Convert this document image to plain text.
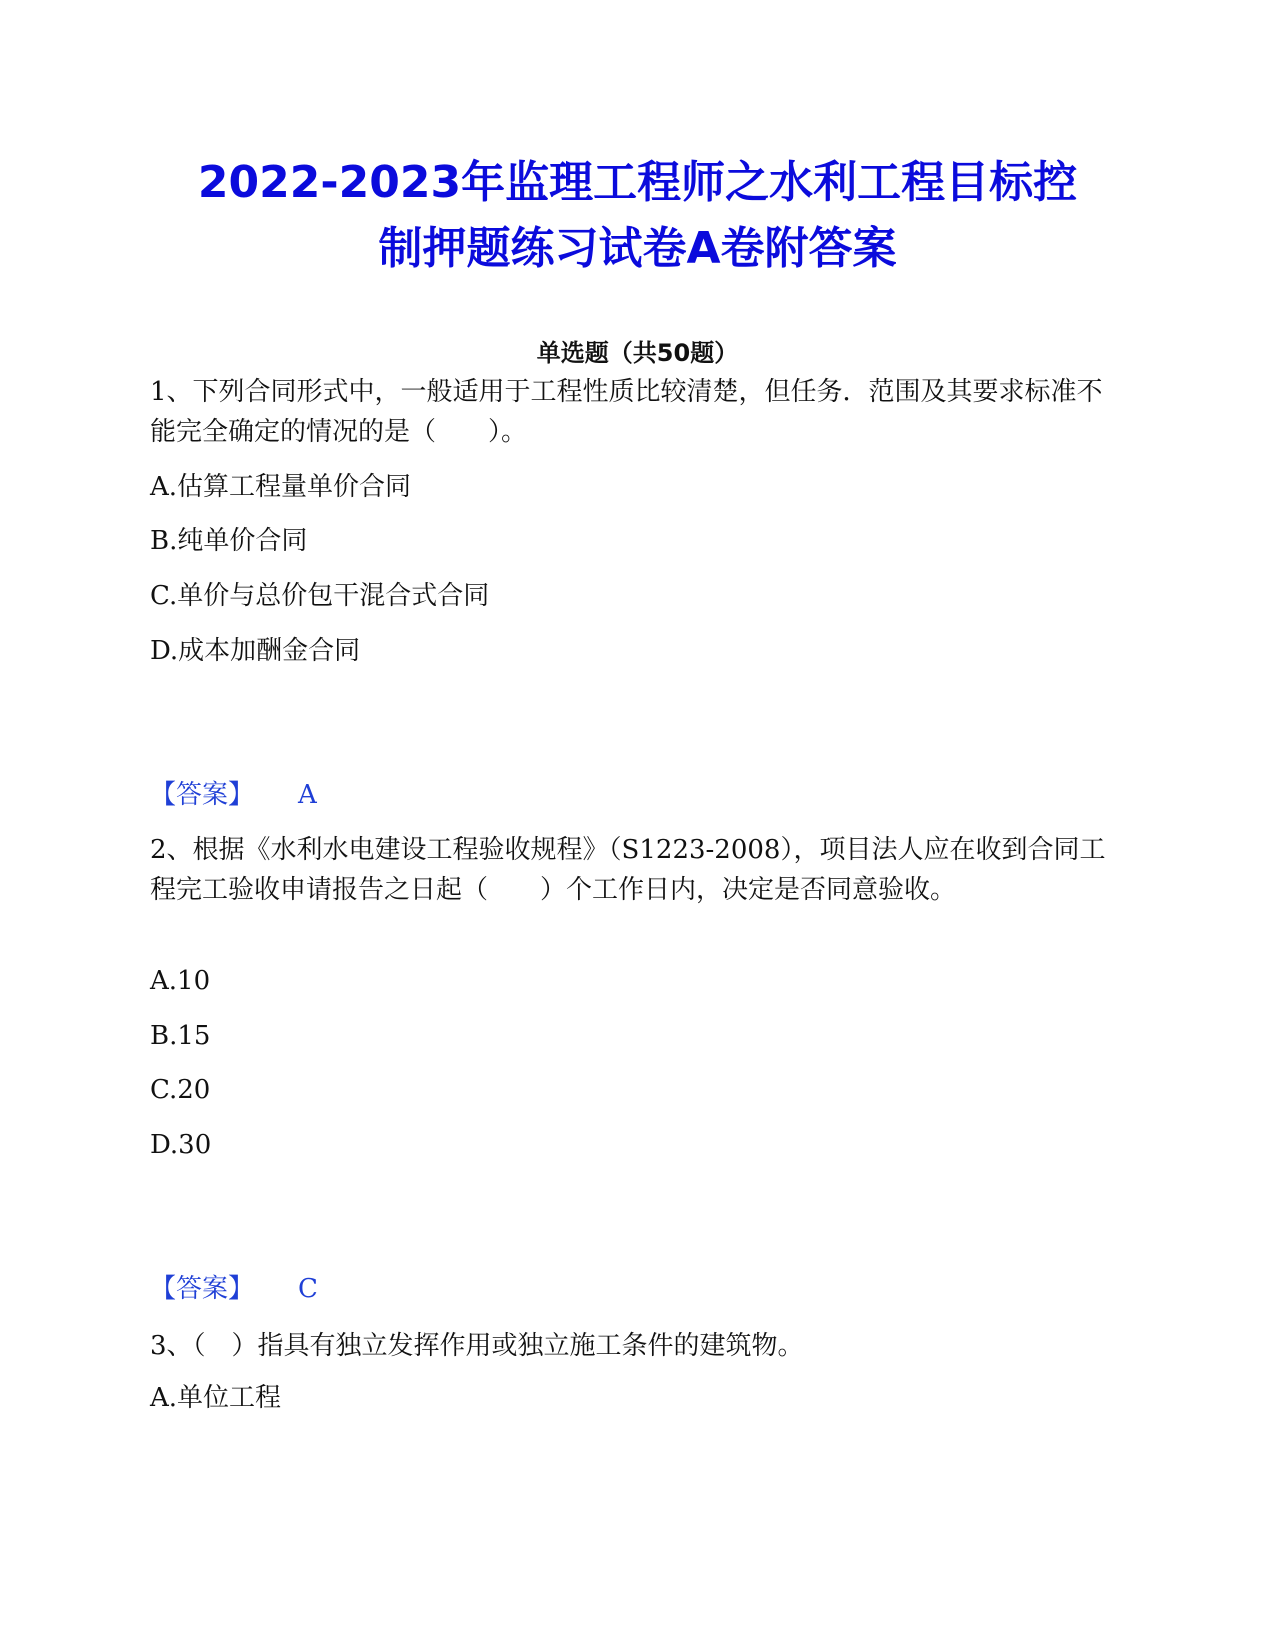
2022-2023年监理工程师之水利工程目标控
制押题练习试卷A卷附答案
单选题（共50题）

1、下列合同形式中，一般适用于工程性质比较清楚，但任务．范围及其要求标准不能完全确定的情况的是（　　）。

A.估算工程量单价合同

B.纯单价合同

C.单价与总价包干混合式合同

D.成本加酬金合同

【答案】 A

2、根据《水利水电建设工程验收规程》（S1223-2008），项目法人应在收到合同工程完工验收申请报告之日起（　　）个工作日内，决定是否同意验收。

A.10

B.15

C.20

D.30

【答案】 C

3、（　）指具有独立发挥作用或独立施工条件的建筑物。

A.单位工程
